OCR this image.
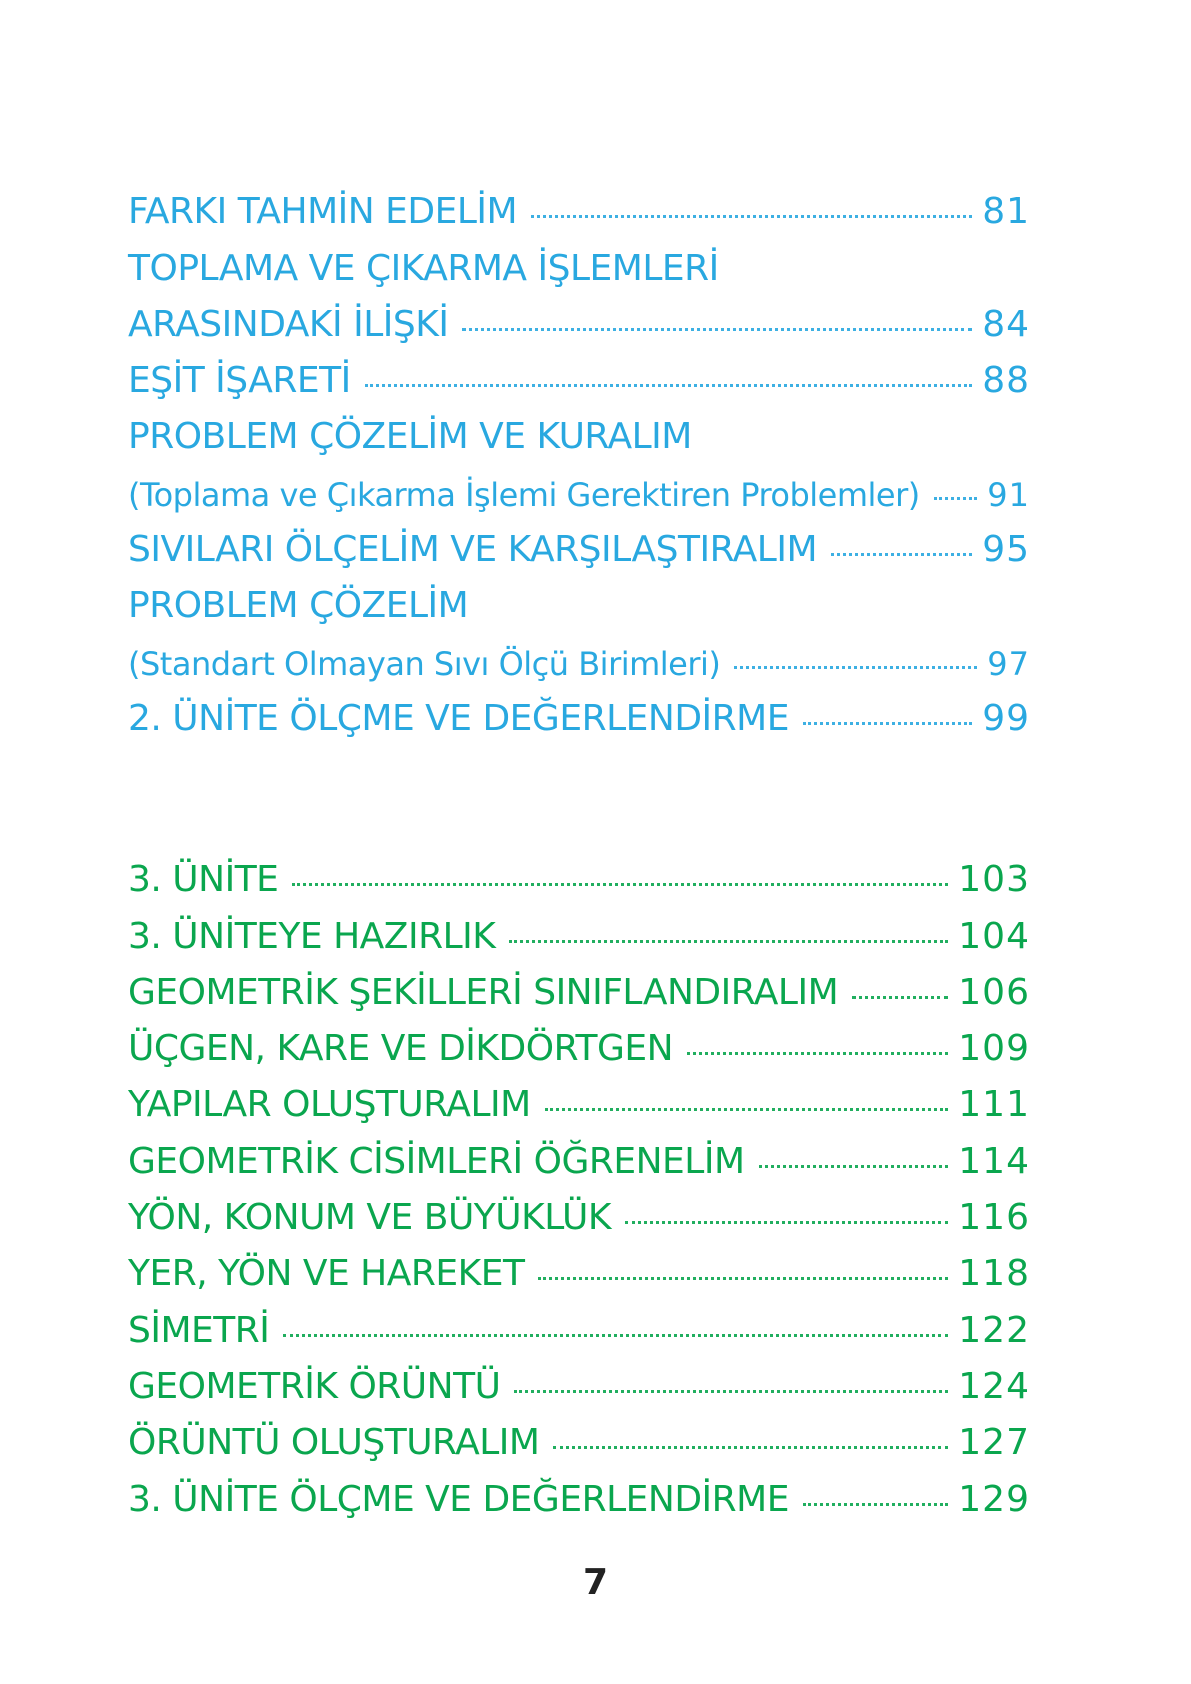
FARKI TAHMİN EDELİM	81
TOPLAMA VE ÇIKARMA İŞLEMLERİ
ARASINDAKİ İLİŞKİ	84
EŞİT İŞARETİ	88
PROBLEM ÇÖZELİM VE KURALIM
(Toplama ve Çıkarma İşlemi Gerektiren Problemler) 91
SIVILARI ÖLÇELİM VE KARŞILAŞTIRALIM	95
PROBLEM ÇÖZELİM
(Standart Olmayan Sıvı Ölçü Birimleri)	97
2. ÜNİTE ÖLÇME VE DEĞERLENDİRME	99
3. ÜNİTE	103
3. ÜNİTEYE HAZIRLIK	104
GEOMETRİK ŞEKİLLERİ SINIFLANDIRALIM	106
ÜÇGEN, KARE VE DİKDÖRTGEN	109
YAPILAR OLUŞTURALIM	111
GEOMETRİK CİSİMLERİ ÖĞRENELİM	114
YÖN, KONUM VE BÜYÜKLÜK	116
YER, YÖN VE HAREKET	118
SİMETRİ	122
GEOMETRİK ÖRÜNTÜ	124
ÖRÜNTÜ OLUŞTURALIM	127
3. ÜNİTE ÖLÇME VE DEĞERLENDİRME	129
7
